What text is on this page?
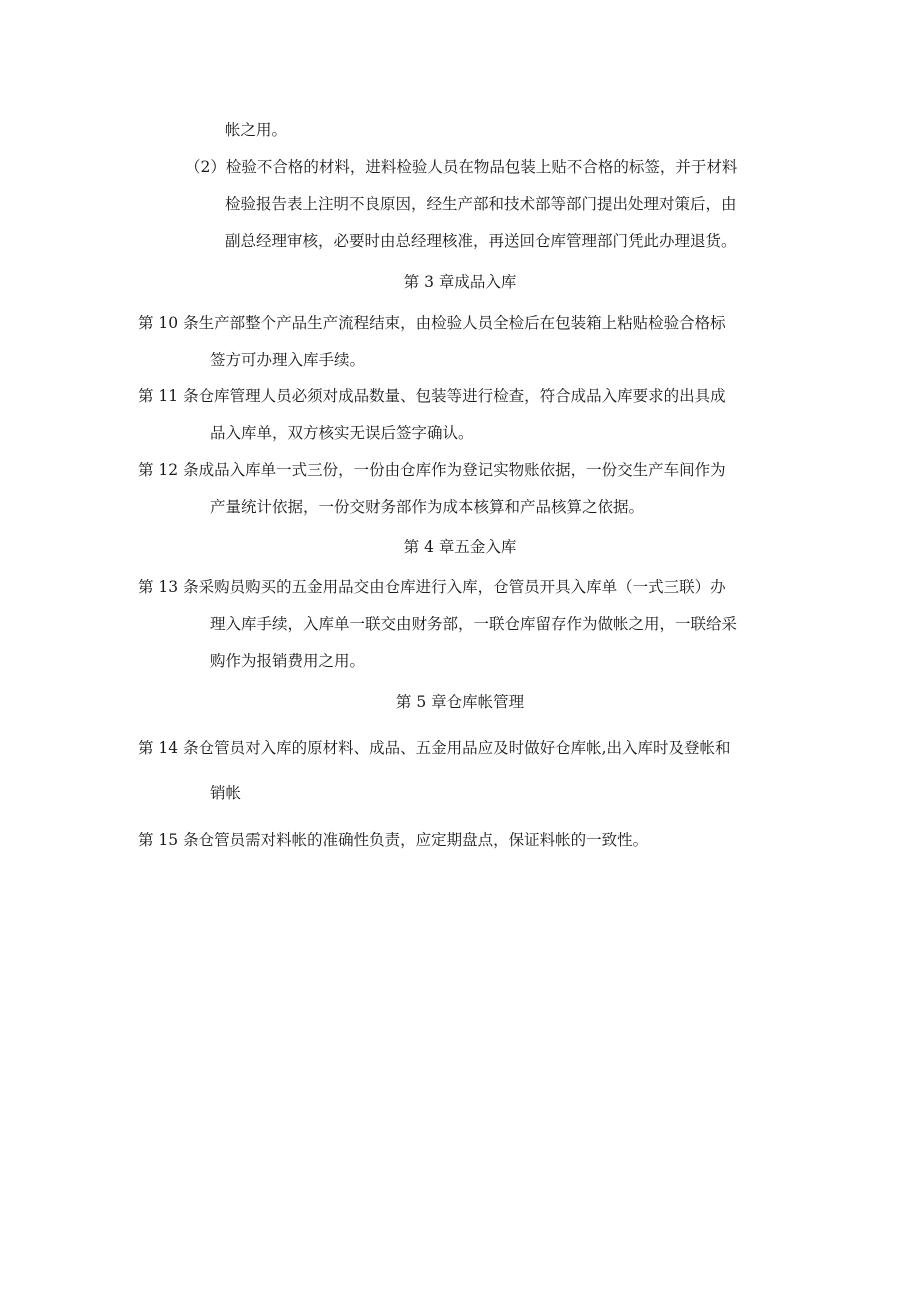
帐之用。
（2）检验不合格的材料，进料检验人员在物品包装上贴不合格的标签，并于材料
检验报告表上注明不良原因，经生产部和技术部等部门提出处理对策后，由
副总经理审核，必要时由总经理核准，再送回仓库管理部门凭此办理退货。
第 3 章成品入库
第 10 条生产部整个产品生产流程结束，由检验人员全检后在包装箱上粘贴检验合格标
签方可办理入库手续。
第 11 条仓库管理人员必须对成品数量、包装等进行检查，符合成品入库要求的出具成
品入库单，双方核实无误后签字确认。
第 12 条成品入库单一式三份，一份由仓库作为登记实物账依据，一份交生产车间作为
产量统计依据，一份交财务部作为成本核算和产品核算之依据。
第 4 章五金入库
第 13 条采购员购买的五金用品交由仓库进行入库，仓管员开具入库单（一式三联）办
理入库手续，入库单一联交由财务部，一联仓库留存作为做帐之用，一联给采
购作为报销费用之用。
第 5 章仓库帐管理
第 14 条仓管员对入库的原材料、成品、五金用品应及时做好仓库帐,出入库时及登帐和
销帐
第 15 条仓管员需对料帐的准确性负责，应定期盘点，保证料帐的一致性。
